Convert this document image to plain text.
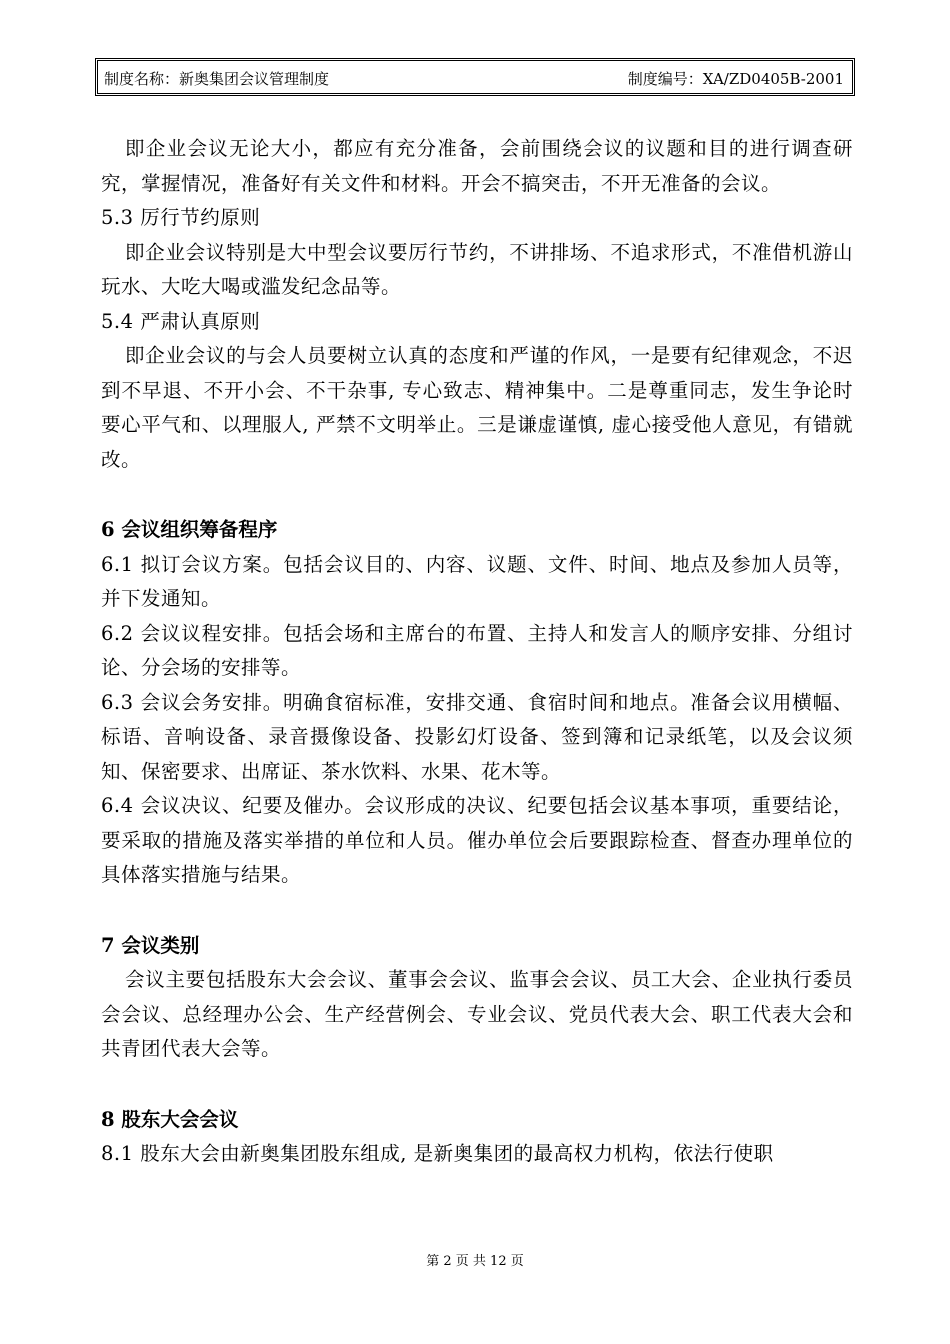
制度名称：新奥集团会议管理制度	制度编号：XA/ZD0405B-2001

即企业会议无论大小，都应有充分准备，会前围绕会议的议题和目的进行调查研究，掌握情况，准备好有关文件和材料。开会不搞突击，不开无准备的会议。

5.3 厉行节约原则

即企业会议特别是大中型会议要厉行节约，不讲排场、不追求形式，不准借机游山玩水、大吃大喝或滥发纪念品等。

5.4 严肃认真原则

即企业会议的与会人员要树立认真的态度和严谨的作风，一是要有纪律观念，不迟到不早退、不开小会、不干杂事, 专心致志、精神集中。二是尊重同志，发生争论时要心平气和、以理服人, 严禁不文明举止。三是谦虚谨慎, 虚心接受他人意见，有错就改。

6 会议组织筹备程序

6.1 拟订会议方案。包括会议目的、内容、议题、文件、时间、地点及参加人员等，并下发通知。

6.2 会议议程安排。包括会场和主席台的布置、主持人和发言人的顺序安排、分组讨论、分会场的安排等。

6.3 会议会务安排。明确食宿标准，安排交通、食宿时间和地点。准备会议用横幅、标语、音响设备、录音摄像设备、投影幻灯设备、签到簿和记录纸笔，以及会议须知、保密要求、出席证、茶水饮料、水果、花木等。

6.4 会议决议、纪要及催办。会议形成的决议、纪要包括会议基本事项，重要结论，要采取的措施及落实举措的单位和人员。催办单位会后要跟踪检查、督查办理单位的具体落实措施与结果。

7 会议类别

会议主要包括股东大会会议、董事会会议、监事会会议、员工大会、企业执行委员会会议、总经理办公会、生产经营例会、专业会议、党员代表大会、职工代表大会和共青团代表大会等。

8 股东大会会议

8.1 股东大会由新奥集团股东组成, 是新奥集团的最高权力机构，依法行使职

第 2 页 共 12 页
